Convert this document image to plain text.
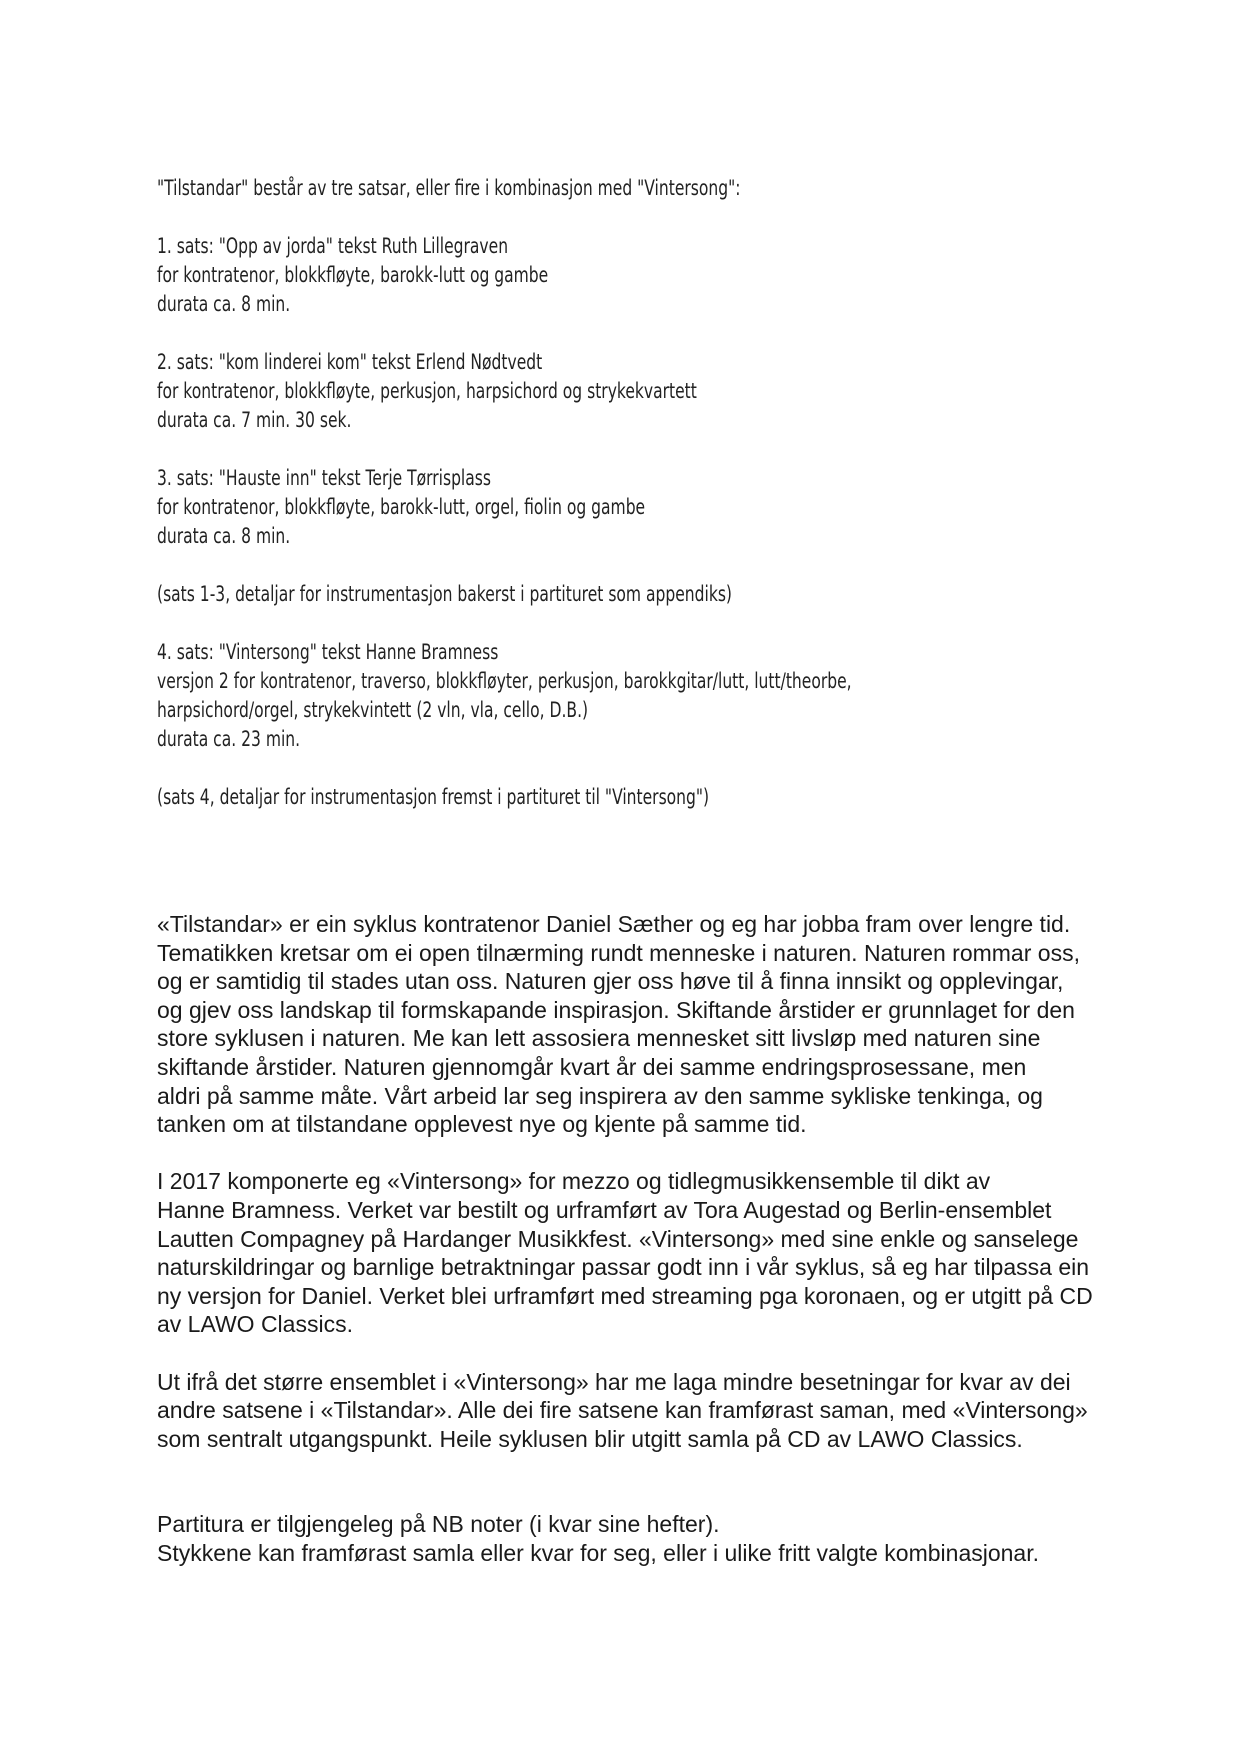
"Tilstandar" består av tre satsar, eller fire i kombinasjon med "Vintersong":
1. sats: "Opp av jorda" tekst Ruth Lillegraven
for kontratenor, blokkfløyte, barokk-lutt og gambe
durata ca. 8 min.
2. sats: "kom linderei kom" tekst Erlend Nødtvedt
for kontratenor, blokkfløyte, perkusjon, harpsichord og strykekvartett
durata ca. 7 min. 30 sek.
3. sats: "Hauste inn" tekst Terje Tørrisplass
for kontratenor, blokkfløyte, barokk-lutt, orgel, fiolin og gambe
durata ca. 8 min.
(sats 1-3, detaljar for instrumentasjon bakerst i partituret som appendiks)
4. sats: "Vintersong" tekst Hanne Bramness
versjon 2 for kontratenor, traverso, blokkfløyter, perkusjon, barokkgitar/lutt, lutt/theorbe,
harpsichord/orgel, strykekvintett (2 vln, vla, cello, D.B.)
durata ca. 23 min.
(sats 4, detaljar for instrumentasjon fremst i partituret til "Vintersong")
«Tilstandar» er ein syklus kontratenor Daniel Sæther og eg har jobba fram over lengre tid.
Tematikken kretsar om ei open tilnærming rundt menneske i naturen. Naturen rommar oss,
og er samtidig til stades utan oss. Naturen gjer oss høve til å finna innsikt og opplevingar,
og gjev oss landskap til formskapande inspirasjon. Skiftande årstider er grunnlaget for den
store syklusen i naturen. Me kan lett assosiera mennesket sitt livsløp med naturen sine
skiftande årstider. Naturen gjennomgår kvart år dei samme endringsprosessane, men
aldri på samme måte. Vårt arbeid lar seg inspirera av den samme sykliske tenkinga, og
tanken om at tilstandane opplevest nye og kjente på samme tid.
I 2017 komponerte eg «Vintersong» for mezzo og tidlegmusikkensemble til dikt av
Hanne Bramness. Verket var bestilt og urframført av Tora Augestad og Berlin-ensemblet
Lautten Compagney på Hardanger Musikkfest. «Vintersong» med sine enkle og sanselege
naturskildringar og barnlige betraktningar passar godt inn i vår syklus, så eg har tilpassa ein
ny versjon for Daniel. Verket blei urframført med streaming pga koronaen, og er utgitt på CD
av LAWO Classics.
Ut ifrå det større ensemblet i «Vintersong» har me laga mindre besetningar for kvar av dei
andre satsene i «Tilstandar». Alle dei fire satsene kan framførast saman, med «Vintersong»
som sentralt utgangspunkt. Heile syklusen blir utgitt samla på CD av LAWO Classics.
Partitura er tilgjengeleg på NB noter (i kvar sine hefter).
Stykkene kan framførast samla eller kvar for seg, eller i ulike fritt valgte kombinasjonar.
